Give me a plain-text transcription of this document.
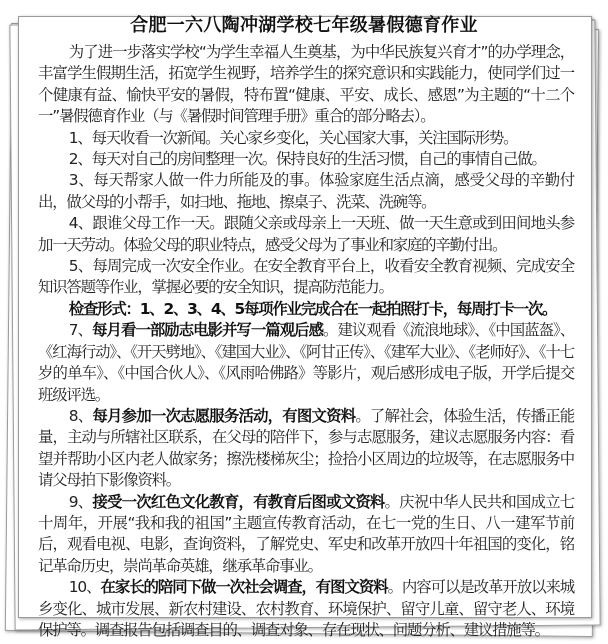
合肥一六八陶冲湖学校七年级暑假德育作业

为了进一步落实学校“为学生幸福人生奠基，为中华民族复兴育才”的办学理念，丰富学生假期生活，拓宽学生视野，培养学生的探究意识和实践能力，使同学们过一个健康有益、愉快平安的暑假，特布置“健康、平安、成长、感恩”为主题的“十二个一”暑假德育作业（与《暑假时间管理手册》重合的部分略去）。

1、每天收看一次新闻。关心家乡变化，关心国家大事，关注国际形势。

2、每天对自己的房间整理一次。保持良好的生活习惯，自己的事情自己做。

3、每天帮家人做一件力所能及的事。体验家庭生活点滴，感受父母的辛勤付出，做父母的小帮手，如扫地、拖地、擦桌子、洗菜、洗碗等。

4、跟谁父母工作一天。跟随父亲或母亲上一天班、做一天生意或到田间地头参加一天劳动。体验父母的职业特点，感受父母为了事业和家庭的辛勤付出。

5、每周完成一次安全作业。在安全教育平台上，收看安全教育视频、完成安全知识答题等作业，掌握必要的安全知识，提高防范能力。

检查形式：1、2、3、4、5每项作业完成合在一起拍照打卡，每周打卡一次。

7、每月看一部励志电影并写一篇观后感。建议观看《流浪地球》、《中国蓝盔》、《红海行动》、《开天劈地》、《建国大业》、《阿甘正传》、《建军大业》、《老师好》、《十七岁的单车》、《中国合伙人》、《风雨哈佛路》等影片，观后感形成电子版，开学后提交班级评选。

8、每月参加一次志愿服务活动，有图文资料。了解社会，体验生活，传播正能量，主动与所辖社区联系，在父母的陪伴下，参与志愿服务，建议志愿服务内容：看望并帮助小区内老人做家务；擦洗楼梯灰尘；捡拾小区周边的垃圾等，在志愿服务中请父母拍下影像资料。

9、接受一次红色文化教育，有教育后图或文资料。庆祝中华人民共和国成立七十周年，开展“我和我的祖国”主题宣传教育活动，在七一党的生日、八一建军节前后，观看电视、电影，查询资料，了解党史、军史和改革开放四十年祖国的变化，铭记革命历史，崇尚革命英雄，继承革命事业。

10、在家长的陪同下做一次社会调查，有图文资料。内容可以是改革开放以来城乡变化、城市发展、新农村建设、农村教育、环境保护、留守儿童、留守老人、环境保护等。调查报告包括调查目的、调查对象、存在现状、问题分析、建议措施等。
